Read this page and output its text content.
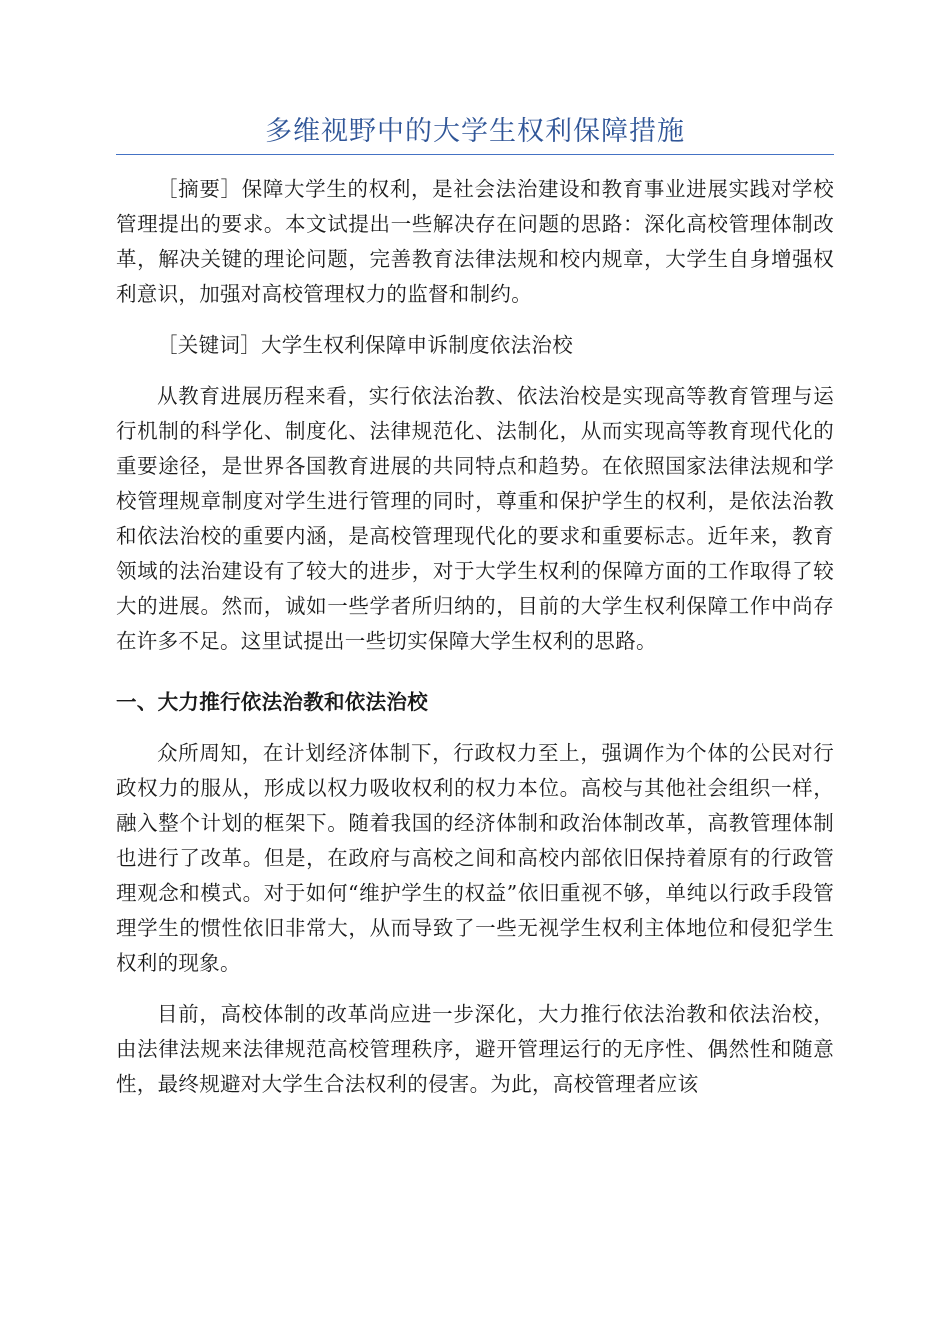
多维视野中的大学生权利保障措施

［摘要］保障大学生的权利，是社会法治建设和教育事业进展实践对学校管理提出的要求。本文试提出一些解决存在问题的思路：深化高校管理体制改革，解决关键的理论问题，完善教育法律法规和校内规章，大学生自身增强权利意识，加强对高校管理权力的监督和制约。

［关键词］大学生权利保障申诉制度依法治校

从教育进展历程来看，实行依法治教、依法治校是实现高等教育管理与运行机制的科学化、制度化、法律规范化、法制化，从而实现高等教育现代化的重要途径，是世界各国教育进展的共同特点和趋势。在依照国家法律法规和学校管理规章制度对学生进行管理的同时，尊重和保护学生的权利，是依法治教和依法治校的重要内涵，是高校管理现代化的要求和重要标志。近年来，教育领域的法治建设有了较大的进步，对于大学生权利的保障方面的工作取得了较大的进展。然而，诚如一些学者所归纳的，目前的大学生权利保障工作中尚存在许多不足。这里试提出一些切实保障大学生权利的思路。

一、大力推行依法治教和依法治校

众所周知，在计划经济体制下，行政权力至上，强调作为个体的公民对行政权力的服从，形成以权力吸收权利的权力本位。高校与其他社会组织一样，融入整个计划的框架下。随着我国的经济体制和政治体制改革，高教管理体制也进行了改革。但是，在政府与高校之间和高校内部依旧保持着原有的行政管理观念和模式。对于如何“维护学生的权益”依旧重视不够，单纯以行政手段管理学生的惯性依旧非常大，从而导致了一些无视学生权利主体地位和侵犯学生权利的现象。

目前，高校体制的改革尚应进一步深化，大力推行依法治教和依法治校，由法律法规来法律规范高校管理秩序，避开管理运行的无序性、偶然性和随意性，最终规避对大学生合法权利的侵害。为此，高校管理者应该
